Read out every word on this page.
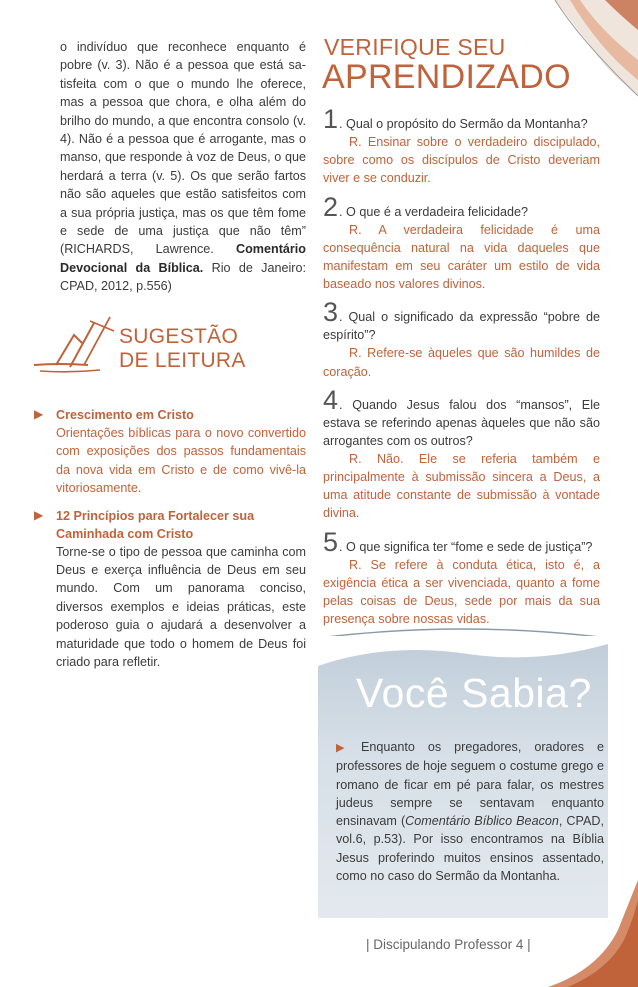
o indivíduo que reconhece enquanto é pobre (v. 3). Não é a pessoa que está sa- tisfeita com o que o mundo lhe oferece, mas a pessoa que chora, e olha além do brilho do mundo, a que encontra consolo (v. 4). Não é a pessoa que é arrogante, mas o manso, que responde à voz de Deus, o que herdará a terra (v. 5). Os que serão fartos não são aqueles que estão satisfeitos com a sua própria justiça, mas os que têm fome e sede de uma justiça que não têm” (RICHARDS, Lawrence. Comentário Devocional da Bíblica. Rio de Janeiro: CPAD, 2012, p.556)
SUGESTÃO
DE LEITURA
▶ Crescimento em Cristo
Orientações bíblicas para o novo convertido com exposições dos passos fundamentais da nova vida em Cristo e de como vivê-la vitoriosamente.
▶ 12 Princípios para Fortalecer sua Caminhada com Cristo
Torne-se o tipo de pessoa que caminha com Deus e exerça influência de Deus em seu mundo. Com um panorama conciso, diversos exemplos e ideias práticas, este poderoso guia o ajudará a desenvolver a maturidade que todo o homem de Deus foi criado para refletir.
VERIFIQUE SEU
APRENDIZADO
1. Qual o propósito do Sermão da Montanha?
R. Ensinar sobre o verdadeiro discipulado, sobre como os discípulos de Cristo deveriam viver e se conduzir.
2. O que é a verdadeira felicidade?
R. A verdadeira felicidade é uma consequência natural na vida daqueles que manifestam em seu caráter um estilo de vida baseado nos valores divinos.
3. Qual o significado da expressão “pobre de espírito”?
R. Refere-se àqueles que são humildes de coração.
4. Quando Jesus falou dos “mansos”, Ele estava se referindo apenas àqueles que não são arrogantes com os outros?
R. Não. Ele se referia também e principalmente à submissão sincera a Deus, a uma atitude constante de submissão à vontade divina.
5. O que significa ter “fome e sede de justiça”?
R. Se refere à conduta ética, isto é, a exigência ética a ser vivenciada, quanto a fome pelas coisas de Deus, sede por mais da sua presença sobre nossas vidas.
Você Sabia?
▶ Enquanto os pregadores, oradores e professores de hoje seguem o costume grego e romano de ficar em pé para falar, os mestres judeus sempre se sentavam enquanto ensinavam (Comentário Bíblico Beacon, CPAD, vol.6, p.53). Por isso encontramos na Bíblia Jesus proferindo muitos ensinos assentado, como no caso do Sermão da Montanha.
| Discipulando Professor 4 | 9
